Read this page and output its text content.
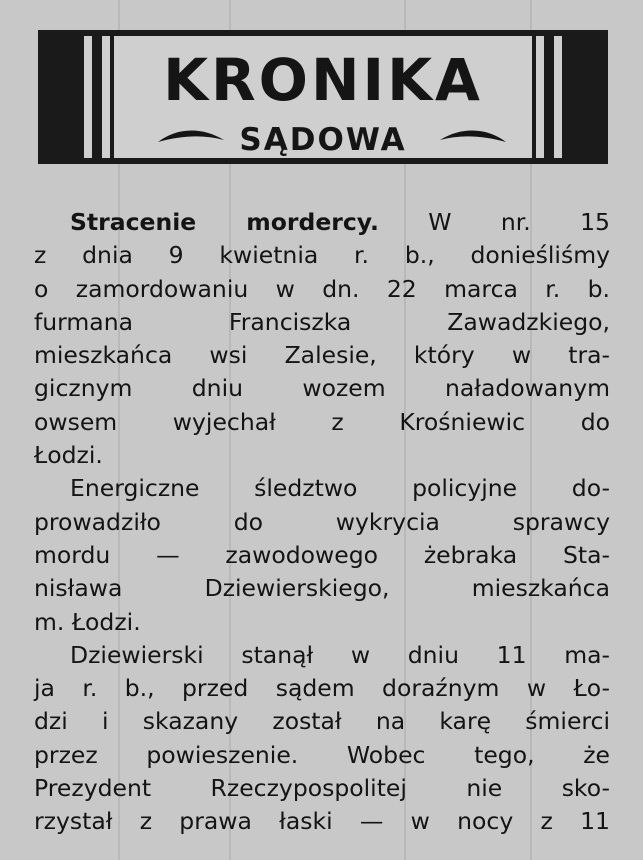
KRONIKA
SĄDOWA
Stracenie mordercy. W nr. 15
z dnia 9 kwietnia r. b., donieśliśmy
o zamordowaniu w dn. 22 marca r. b.
furmana Franciszka Zawadzkiego,
mieszkańca wsi Zalesie, który w tra-
gicznym dniu wozem naładowanym
owsem wyjechał z Krośniewic do
Łodzi.
Energiczne śledztwo policyjne do-
prowadziło do wykrycia sprawcy
mordu — zawodowego żebraka Sta-
nisława Dziewierskiego, mieszkańca
m. Łodzi.
Dziewierski stanął w dniu 11 ma-
ja r. b., przed sądem doraźnym w Ło-
dzi i skazany został na karę śmierci
przez powieszenie. Wobec tego, że
Prezydent Rzeczypospolitej nie sko-
rzystał z prawa łaski — w nocy z 11
